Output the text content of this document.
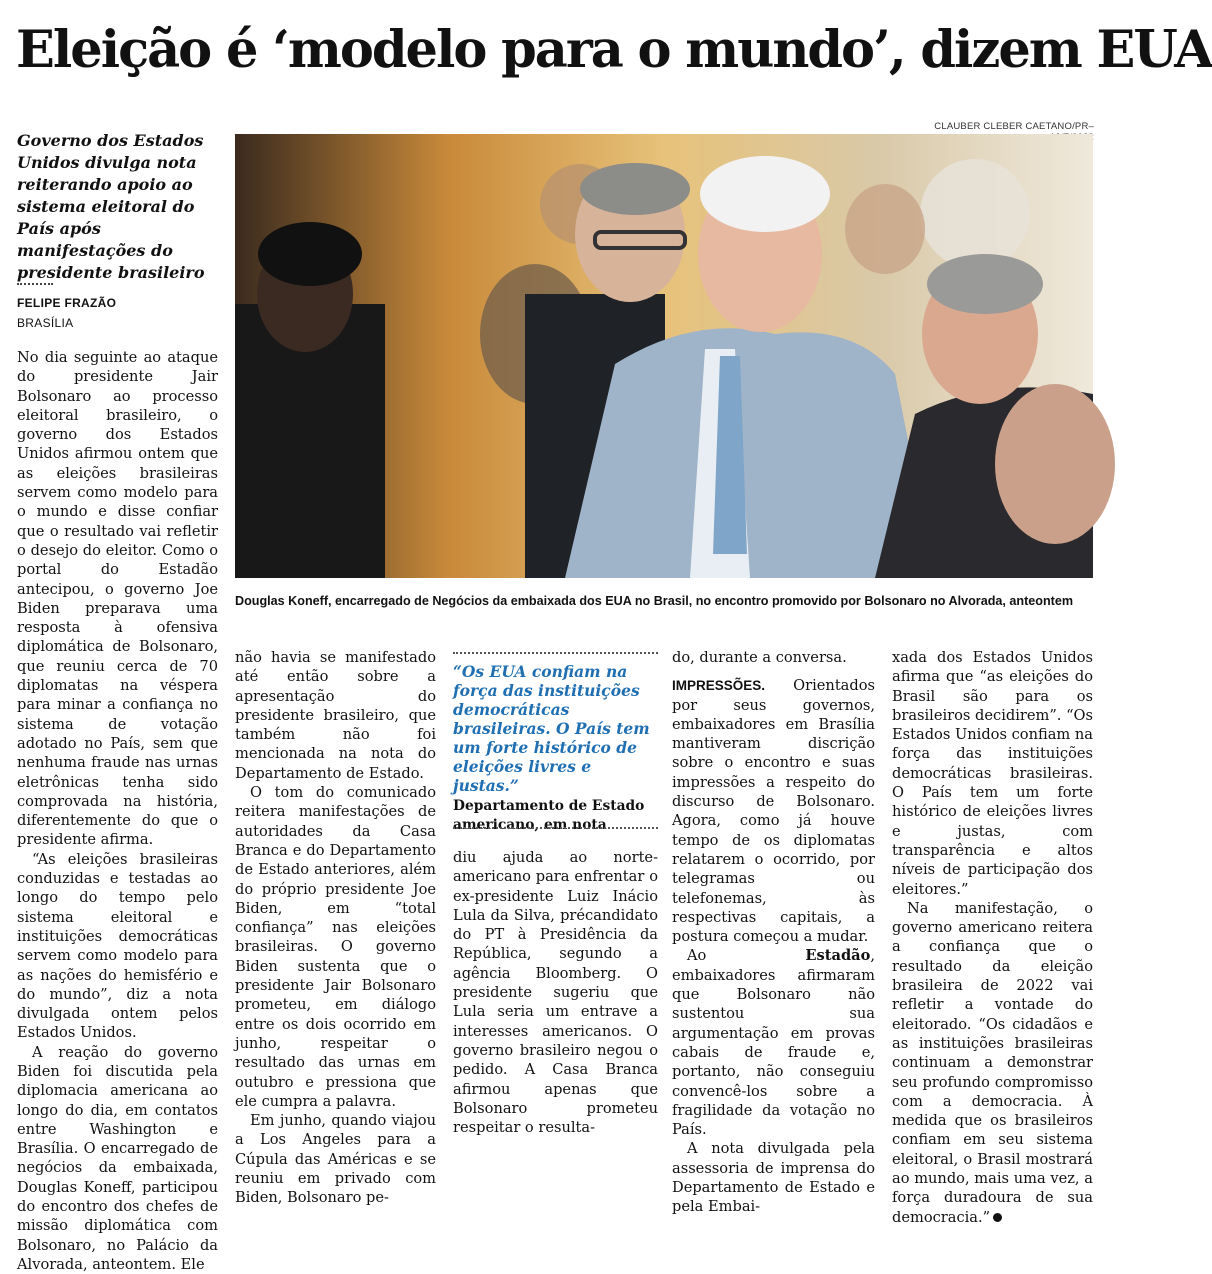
Eleição é ‘modelo para o mundo’, dizem EUA

Governo dos Estados Unidos divulga nota reiterando apoio ao sistema eleitoral do País após manifestações do presidente brasileiro

FELIPE FRAZÃO
BRASÍLIA
CLAUBER CLEBER CAETANO/PR–
Douglas Koneff, encarregado de Negócios da embaixada dos EUA no Brasil, no encontro promovido por Bolsonaro no Alvorada, anteontem

No dia seguinte ao ataque do presidente Jair Bolsonaro ao processo eleitoral brasileiro, o governo dos Estados Unidos afirmou ontem que as eleições brasileiras servem como modelo para o mundo e disse confiar que o resultado vai refletir o desejo do eleitor. Como o portal do Estadão antecipou, o governo Joe Biden preparava uma resposta à ofensiva diplomática de Bolsonaro, que reuniu cerca de 70 diplomatas na véspera para minar a confiança no sistema de votação adotado no País, sem que nenhuma fraude nas urnas eletrônicas tenha sido comprovada na história, diferentemente do que o presidente afirma.

“As eleições brasileiras conduzidas e testadas ao longo do tempo pelo sistema eleitoral e instituições democráticas servem como modelo para as nações do hemisfério e do mundo”, diz a nota divulgada ontem pelos Estados Unidos.

A reação do governo Biden foi discutida pela diplomacia americana ao longo do dia, em contatos entre Washington e Brasília. O encarregado de negócios da embaixada, Douglas Koneff, participou do encontro dos chefes de missão diplomática com Bolsonaro, no Palácio da Alvorada, anteontem. Ele

não havia se manifestado até então sobre a apresentação do presidente brasileiro, que também não foi mencionada na nota do Departamento de Estado.

O tom do comunicado reitera manifestações de autoridades da Casa Branca e do Departamento de Estado anteriores, além do próprio presidente Joe Biden, em “total confiança” nas eleições brasileiras. O governo Biden sustenta que o presidente Jair Bolsonaro prometeu, em diálogo entre os dois ocorrido em junho, respeitar o resultado das urnas em outubro e pressiona que ele cumpra a palavra.

Em junho, quando viajou a Los Angeles para a Cúpula das Américas e se reuniu em privado com Biden, Bolsonaro pe-

“Os EUA confiam na força das instituições democráticas brasileiras. O País tem um forte histórico de eleições livres e justas.”

Departamento de Estado americano, em nota

diu ajuda ao norte-americano para enfrentar o ex-presidente Luiz Inácio Lula da Silva, précandidato do PT à Presidência da República, segundo a agência Bloomberg. O presidente sugeriu que Lula seria um entrave a interesses americanos. O governo brasileiro negou o pedido. A Casa Branca afirmou apenas que Bolsonaro prometeu respeitar o resulta-

do, durante a conversa.

IMPRESSÕES. Orientados por seus governos, embaixadores em Brasília mantiveram discrição sobre o encontro e suas impressões a respeito do discurso de Bolsonaro. Agora, como já houve tempo de os diplomatas relatarem o ocorrido, por telegramas ou telefonemas, às respectivas capitais, a postura começou a mudar.

Ao Estadão, embaixadores afirmaram que Bolsonaro não sustentou sua argumentação em provas cabais de fraude e, portanto, não conseguiu convencê-los sobre a fragilidade da votação no País.

A nota divulgada pela assessoria de imprensa do Departamento de Estado e pela Embai-

xada dos Estados Unidos afirma que “as eleições do Brasil são para os brasileiros decidirem”. “Os Estados Unidos confiam na força das instituições democráticas brasileiras. O País tem um forte histórico de eleições livres e justas, com transparência e altos níveis de participação dos eleitores.”

Na manifestação, o governo americano reitera a confiança que o resultado da eleição brasileira de 2022 vai refletir a vontade do eleitorado. “Os cidadãos e as instituições brasileiras continuam a demonstrar seu profundo compromisso com a democracia. À medida que os brasileiros confiam em seu sistema eleitoral, o Brasil mostrará ao mundo, mais uma vez, a força duradoura de sua democracia.”
